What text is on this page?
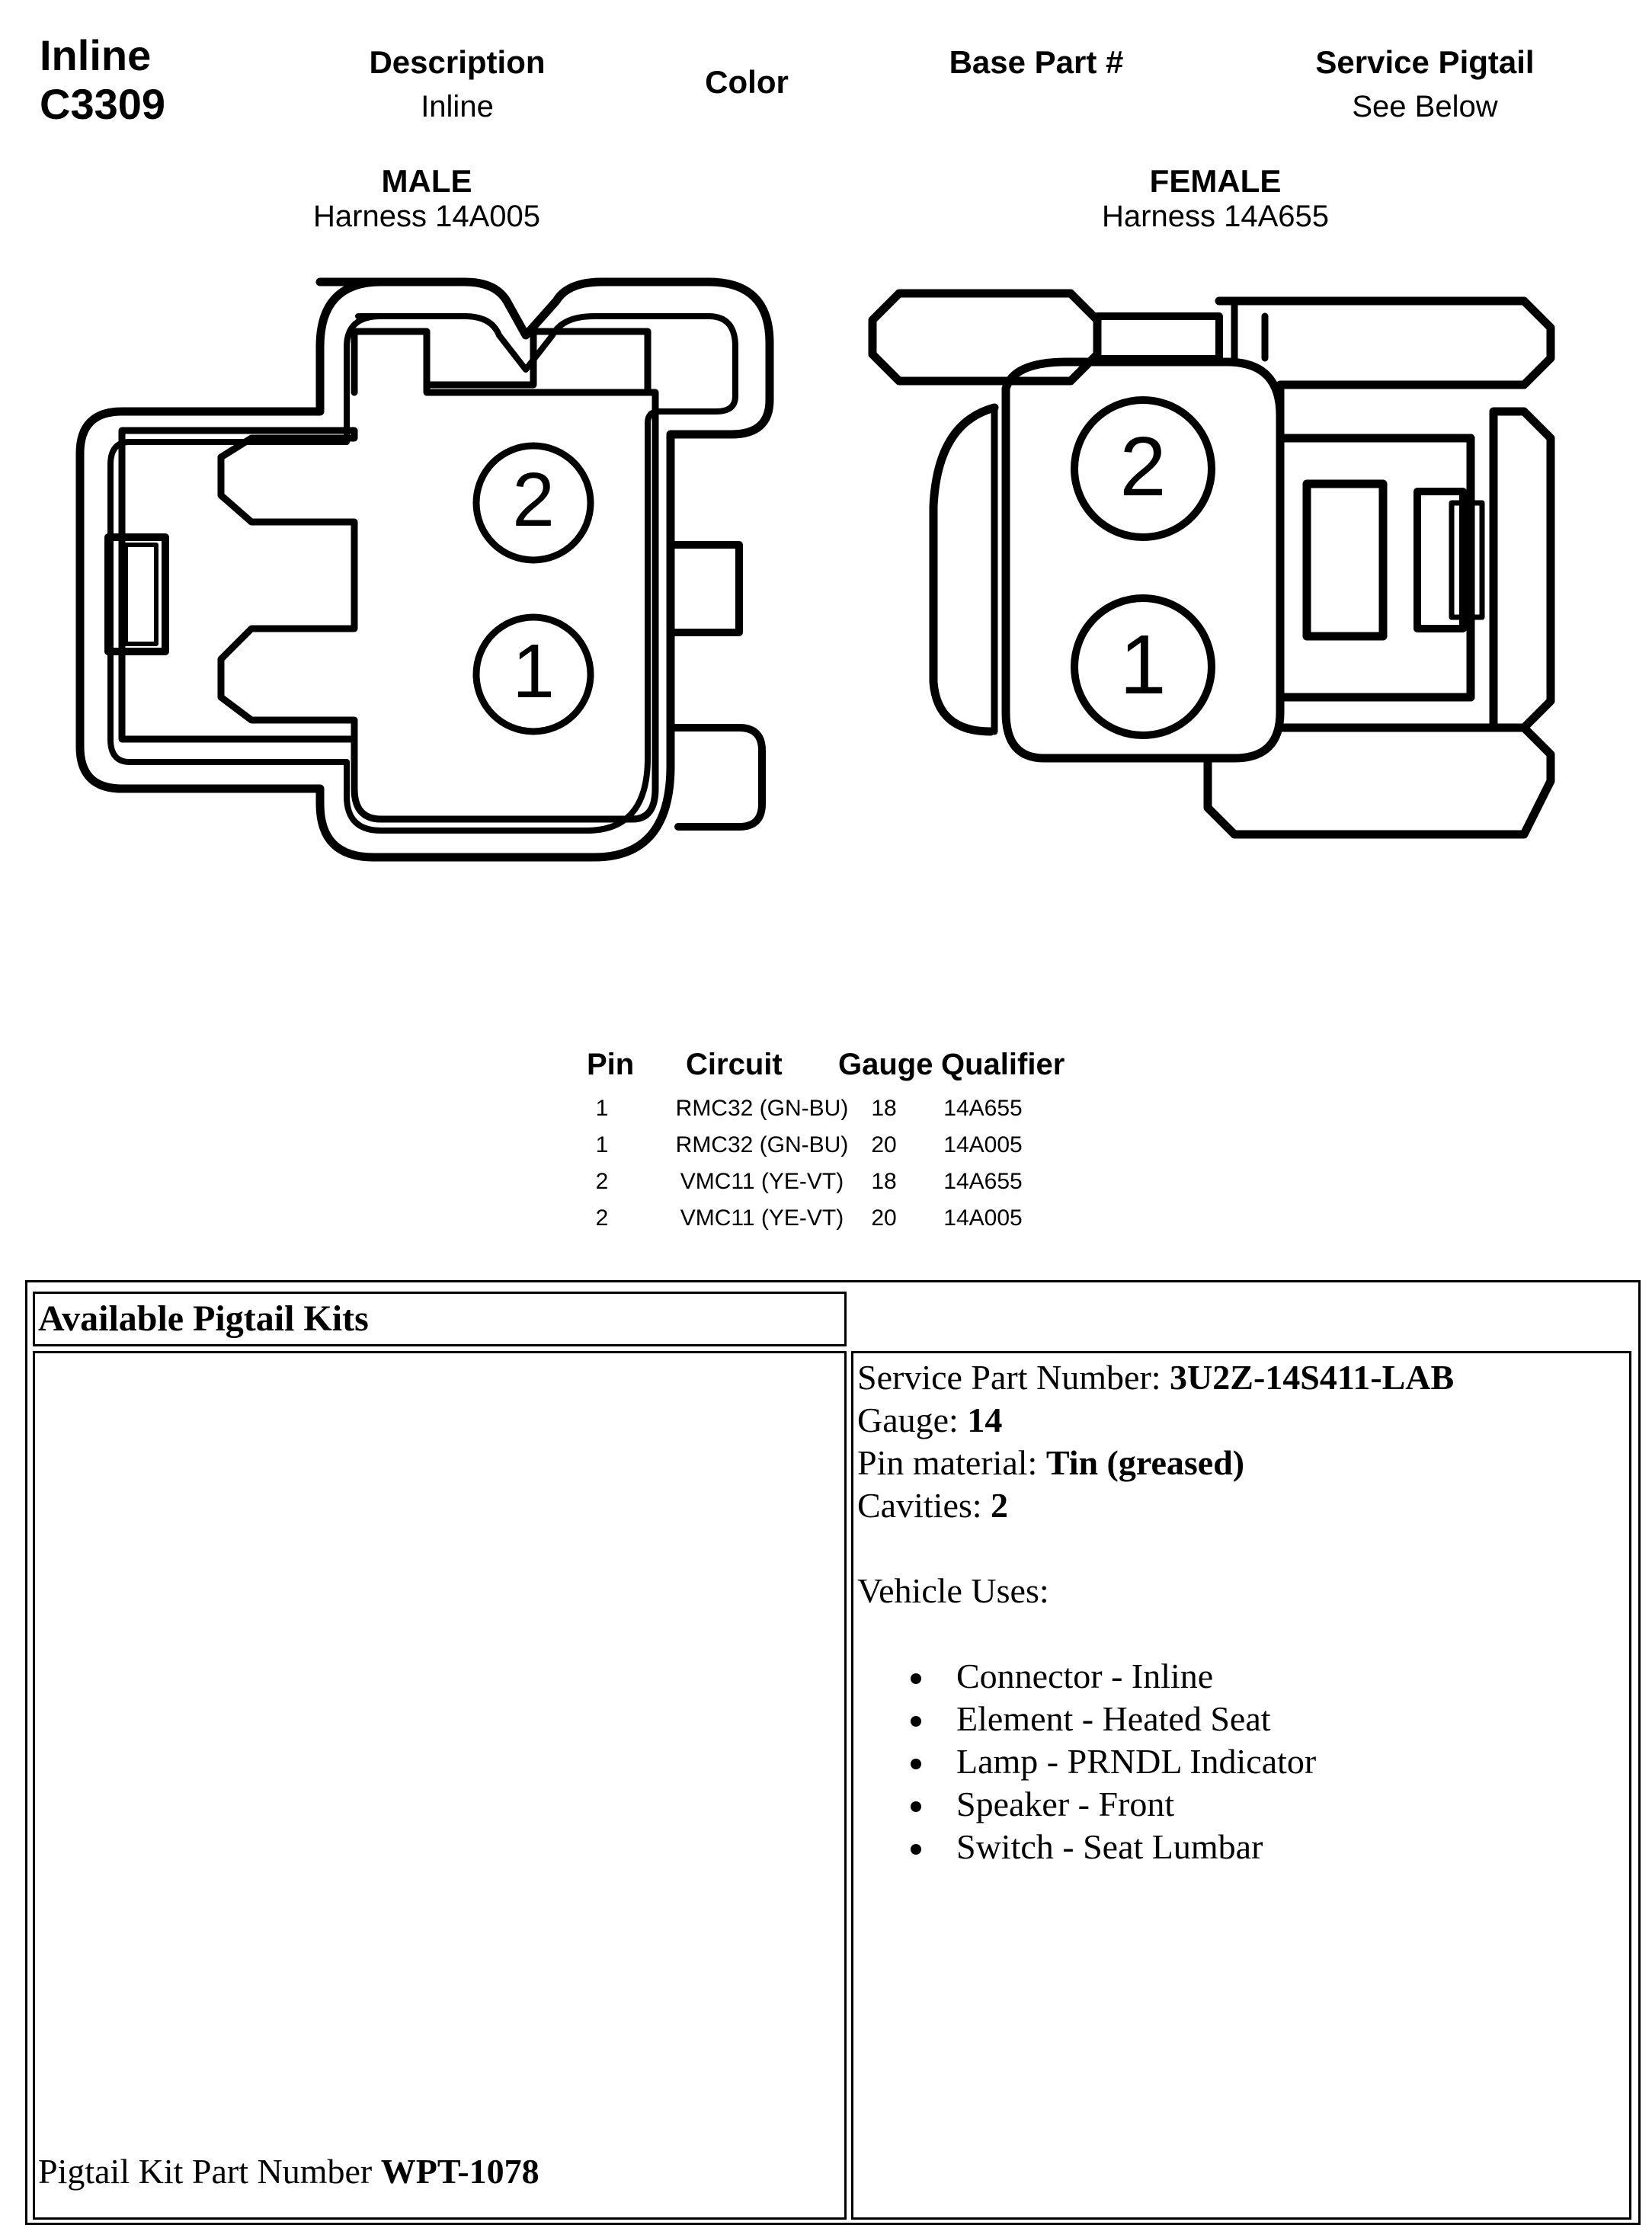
Inline
C3309
Description
Inline
Color
Base Part #	Service Pigtail
See Below
MALE
Harness 14A005
FEMALE
Harness 14A655
2
1
2
1
Pin Circuit Gauge Qualifier
1	RMC32 (GN-BU) 18	14A655
1	RMC32 (GN-BU) 20	14A005
2	VMC11 (YE-VT)	18	14A655
2	VMC11 (YE-VT)	20	14A005
Available Pigtail Kits
Pigtail Kit Part Number WPT-1078
Service Part Number: 3U2Z-14S411-LAB
Gauge: 14
Pin material: Tin (greased)
Cavities: 2
Vehicle Uses:
Connector - Inline
Element - Heated Seat
Lamp - PRNDL Indicator
Speaker - Front
Switch - Seat Lumbar
